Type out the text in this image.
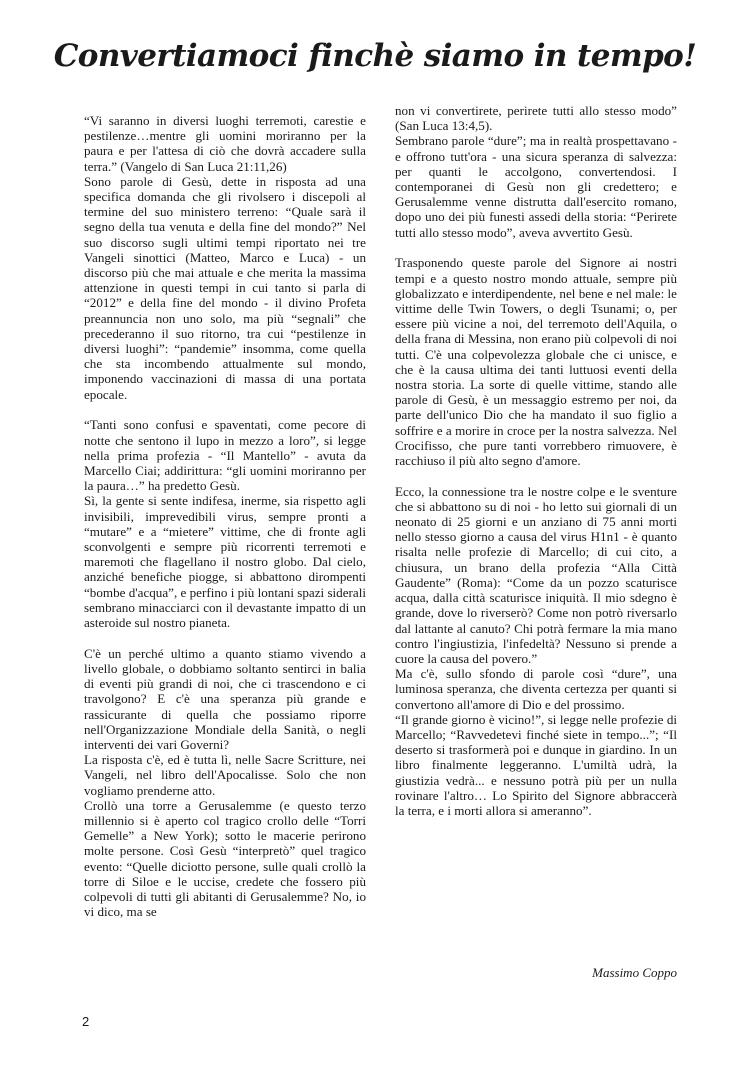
Convertiamoci finchè siamo in tempo!

“Vi saranno in diversi luoghi terremoti, carestie e pestilenze…mentre gli uomini moriranno per la paura e per l'attesa di ciò che dovrà accadere sulla terra.” (Vangelo di San Luca 21:11,26)

Sono parole di Gesù, dette in risposta ad una specifica domanda che gli rivolsero i discepoli al termine del suo ministero terreno: “Quale sarà il segno della tua venuta e della fine del mondo?” Nel suo discorso sugli ultimi tempi riportato nei tre Vangeli sinottici (Matteo, Marco e Luca) - un discorso più che mai attuale e che merita la massima attenzione in questi tempi in cui tanto si parla di “2012” e della fine del mondo - il divino Profeta preannuncia non uno solo, ma più “segnali” che precederanno il suo ritorno, tra cui “pestilenze in diversi luoghi”: “pandemie” insomma, come quella che sta incombendo attualmente sul mondo, imponendo vaccinazioni di massa di una portata epocale.

“Tanti sono confusi e spaventati, come pecore di notte che sentono il lupo in mezzo a loro”, si legge nella prima profezia - “Il Mantello” - avuta da Marcello Ciai; addirittura: “gli uomini moriranno per la paura…” ha predetto Gesù.

Sì, la gente si sente indifesa, inerme, sia rispetto agli invisibili, imprevedibili virus, sempre pronti a “mutare” e a “mietere” vittime, che di fronte agli sconvolgenti e sempre più ricorrenti terremoti e maremoti che flagellano il nostro globo. Dal cielo, anziché benefiche piogge, si abbattono dirompenti “bombe d'acqua”, e perfino i più lontani spazi siderali sembrano minacciarci con il devastante impatto di un asteroide sul nostro pianeta.

C'è un perché ultimo a quanto stiamo vivendo a livello globale, o dobbiamo soltanto sentirci in balia di eventi più grandi di noi, che ci trascendono e ci travolgono? E c'è una speranza più grande e rassicurante di quella che possiamo riporre nell'Organizzazione Mondiale della Sanità, o negli interventi dei vari Governi?

La risposta c'è, ed è tutta lì, nelle Sacre Scritture, nei Vangeli, nel libro dell'Apocalisse. Solo che non vogliamo prenderne atto.

Crollò una torre a Gerusalemme (e questo terzo millennio si è aperto col tragico crollo delle “Torri Gemelle” a New York); sotto le macerie perirono molte persone. Così Gesù “interpretò” quel tragico evento: “Quelle diciotto persone, sulle quali crollò la torre di Siloe e le uccise, credete che fossero più colpevoli di tutti gli abitanti di Gerusalemme? No, io vi dico, ma se

non vi convertirete, perirete tutti allo stesso modo” (San Luca 13:4,5).

Sembrano parole “dure”; ma in realtà prospettavano - e offrono tutt'ora - una sicura speranza di salvezza: per quanti le accolgono, convertendosi. I contemporanei di Gesù non gli credettero; e Gerusalemme venne distrutta dall'esercito romano, dopo uno dei più funesti assedi della storia: “Perirete tutti allo stesso modo”, aveva avvertito Gesù.

Trasponendo queste parole del Signore ai nostri tempi e a questo nostro mondo attuale, sempre più globalizzato e interdipendente, nel bene e nel male: le vittime delle Twin Towers, o degli Tsunami; o, per essere più vicine a noi, del terremoto dell'Aquila, o della frana di Messina, non erano più colpevoli di noi tutti. C'è una colpevolezza globale che ci unisce, e che è la causa ultima dei tanti luttuosi eventi della nostra storia. La sorte di quelle vittime, stando alle parole di Gesù, è un messaggio estremo per noi, da parte dell'unico Dio che ha mandato il suo figlio a soffrire e a morire in croce per la nostra salvezza. Nel Crocifisso, che pure tanti vorrebbero rimuovere, è racchiuso il più alto segno d'amore.

Ecco, la connessione tra le nostre colpe e le sventure che si abbattono su di noi - ho letto sui giornali di un neonato di 25 giorni e un anziano di 75 anni morti nello stesso giorno a causa del virus H1n1 - è quanto risalta nelle profezie di Marcello; di cui cito, a chiusura, un brano della profezia “Alla Città Gaudente” (Roma): “Come da un pozzo scaturisce acqua, dalla città scaturisce iniquità. Il mio sdegno è grande, dove lo riverserò? Come non potrò riversarlo dal lattante al canuto? Chi potrà fermare la mia mano contro l'ingiustizia, l'infedeltà? Nessuno si prende a cuore la causa del povero.”

Ma c'è, sullo sfondo di parole così “dure”, una luminosa speranza, che diventa certezza per quanti si convertono all'amore di Dio e del prossimo.

“Il grande giorno è vicino!”, si legge nelle profezie di Marcello; “Ravvedetevi finché siete in tempo...”; “Il deserto si trasformerà poi e dunque in giardino. In un libro finalmente leggeranno. L'umiltà udrà, la giustizia vedrà... e nessuno potrà più per un nulla rovinare l'altro… Lo Spirito del Signore abbraccerà la terra, e i morti allora si ameranno”.

Massimo Coppo

2
